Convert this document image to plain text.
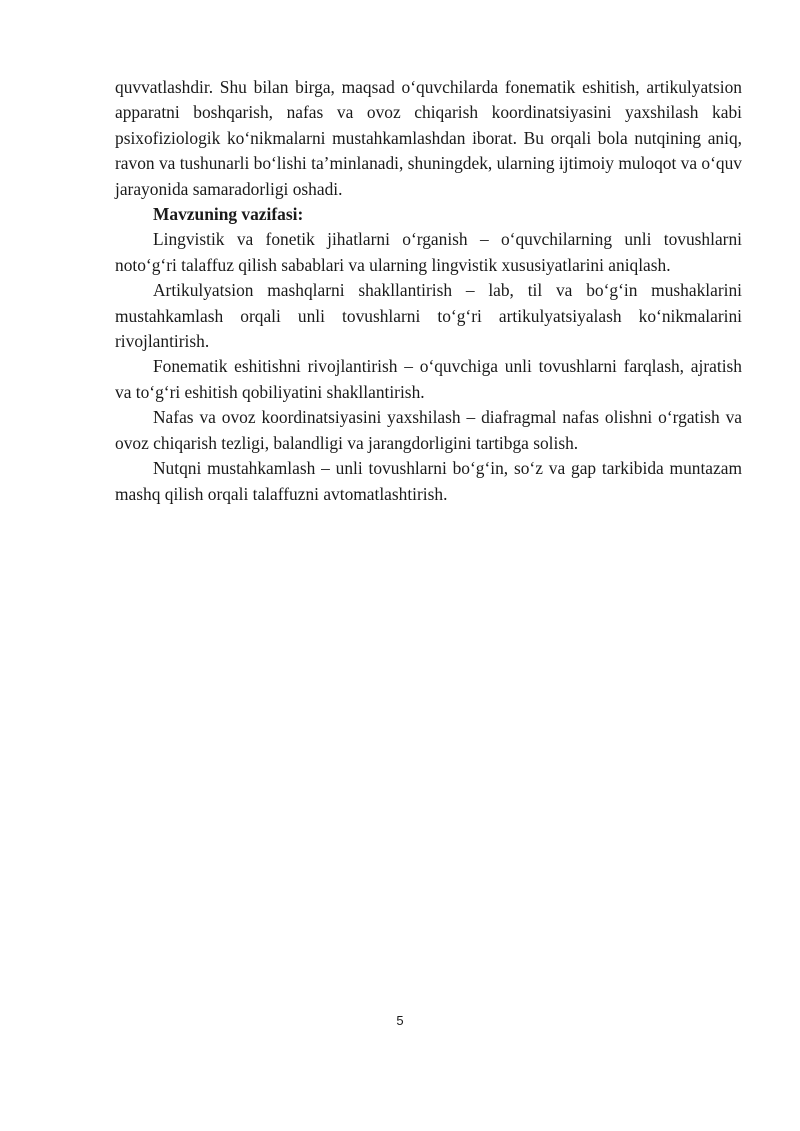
quvvatlashdir. Shu bilan birga, maqsad o‘quvchilarda fonematik eshitish, artikulyatsion apparatni boshqarish, nafas va ovoz chiqarish koordinatsiyasini yaxshilash kabi psixofiziologik ko‘nikmalarni mustahkamlashdan iborat. Bu orqali bola nutqining aniq, ravon va tushunarli bo‘lishi ta’minlanadi, shuningdek, ularning ijtimoiy muloqot va o‘quv jarayonida samaradorligi oshadi.

Mavzuning vazifasi:

Lingvistik va fonetik jihatlarni o‘rganish – o‘quvchilarning unli tovushlarni noto‘g‘ri talaffuz qilish sabablari va ularning lingvistik xususiyatlarini aniqlash.

Artikulyatsion mashqlarni shakllantirish – lab, til va bo‘g‘in mushaklarini mustahkamlash orqali unli tovushlarni to‘g‘ri artikulyatsiyalash ko‘nikmalarini rivojlantirish.

Fonematik eshitishni rivojlantirish – o‘quvchiga unli tovushlarni farqlash, ajratish va to‘g‘ri eshitish qobiliyatini shakllantirish.

Nafas va ovoz koordinatsiyasini yaxshilash – diafragmal nafas olishni o‘rgatish va ovoz chiqarish tezligi, balandligi va jarangdorligini tartibga solish.

Nutqni mustahkamlash – unli tovushlarni bo‘g‘in, so‘z va gap tarkibida muntazam mashq qilish orqali talaffuzni avtomatlashtirish.

5
